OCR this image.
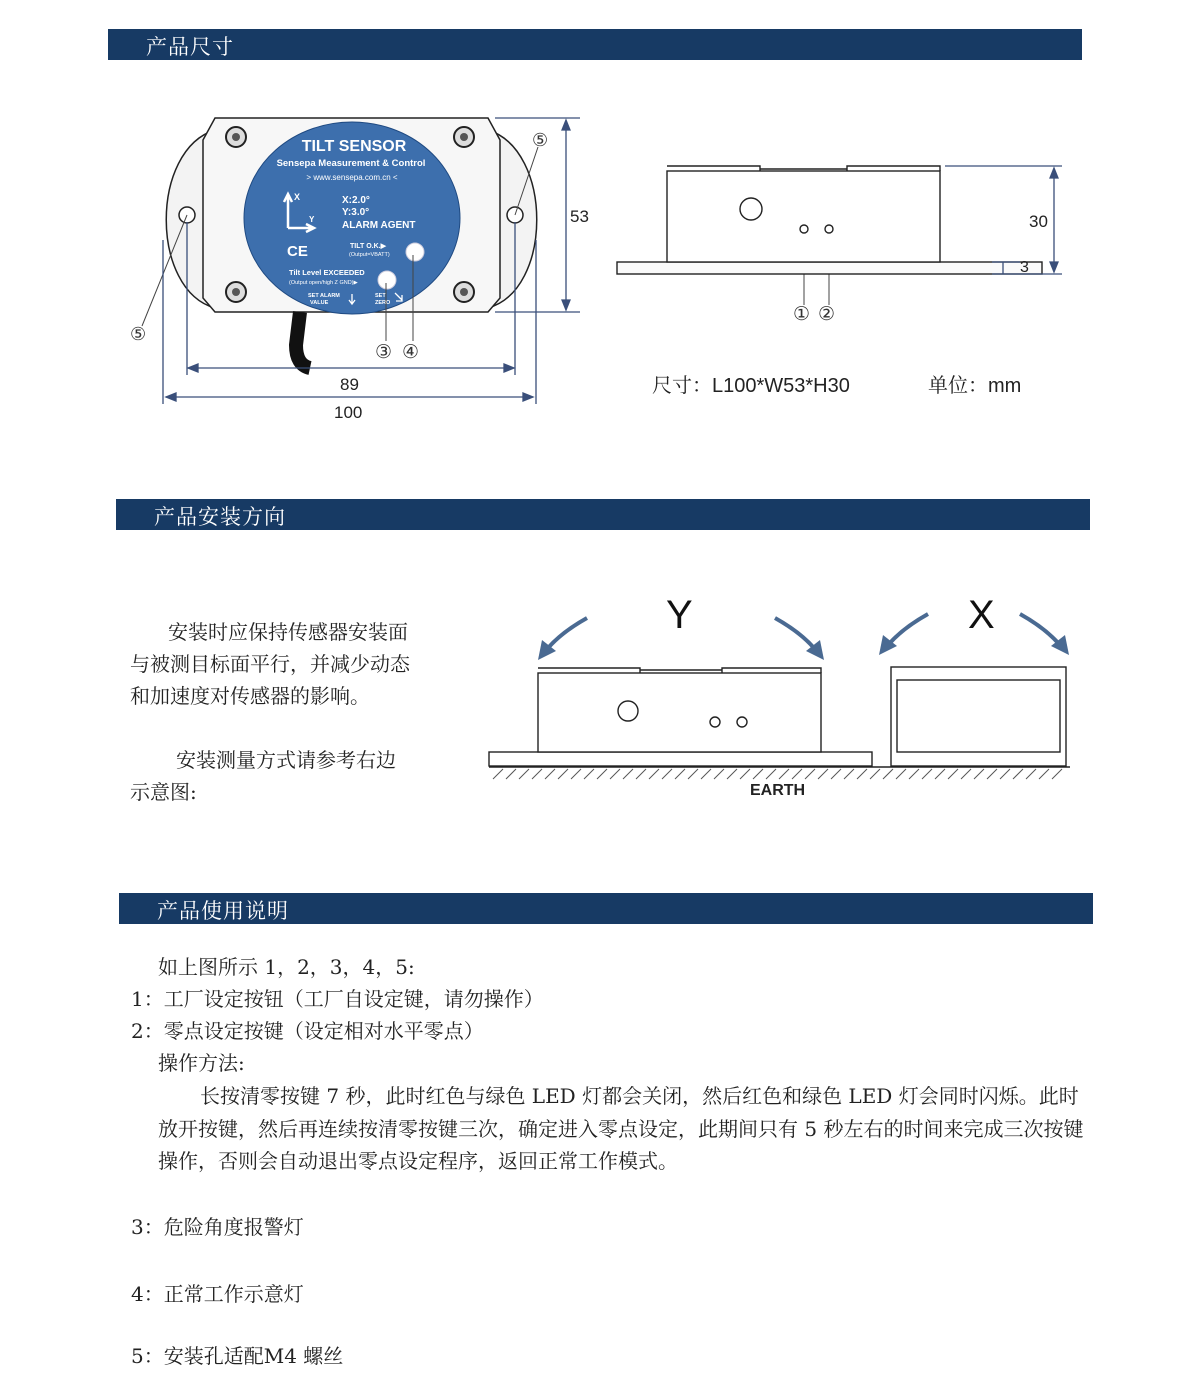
产品尺寸
产品安装方向
产品使用说明
TILT SENSOR
Sensepa Measurement & Control
> www.sensepa.com.cn <
X
Y
X:2.0°
Y:3.0°
ALARM AGENT
CE	TILT O.K.▶
(Output=VBATT)
Tilt Level EXCEEDED
(Output open/high Z GND)▶
SET ALARM
VALUE
SET
ZERO
⑤
⑤
③ ④
① ②
53
89
100
30
3
尺寸：L100*W53*H30	单位：mm
安装时应保持传感器安装面与被测目标面平行，并减少动态和加速度对传感器的影响。
安装测量方式请参考右边示意图:
Y	X
EARTH
如上图所示 1，2，3，4，5:
1：工厂设定按钮（工厂自设定键，请勿操作）
2：零点设定按键（设定相对水平零点）
操作方法:
长按清零按键 7 秒，此时红色与绿色 LED 灯都会关闭，然后红色和绿色 LED 灯会同时闪烁。此时放开按键，然后再连续按清零按键三次，确定进入零点设定，此期间只有 5 秒左右的时间来完成三次按键操作，否则会自动退出零点设定程序，返回正常工作模式。
3：危险角度报警灯
4：正常工作示意灯
5：安装孔适配M4 螺丝
